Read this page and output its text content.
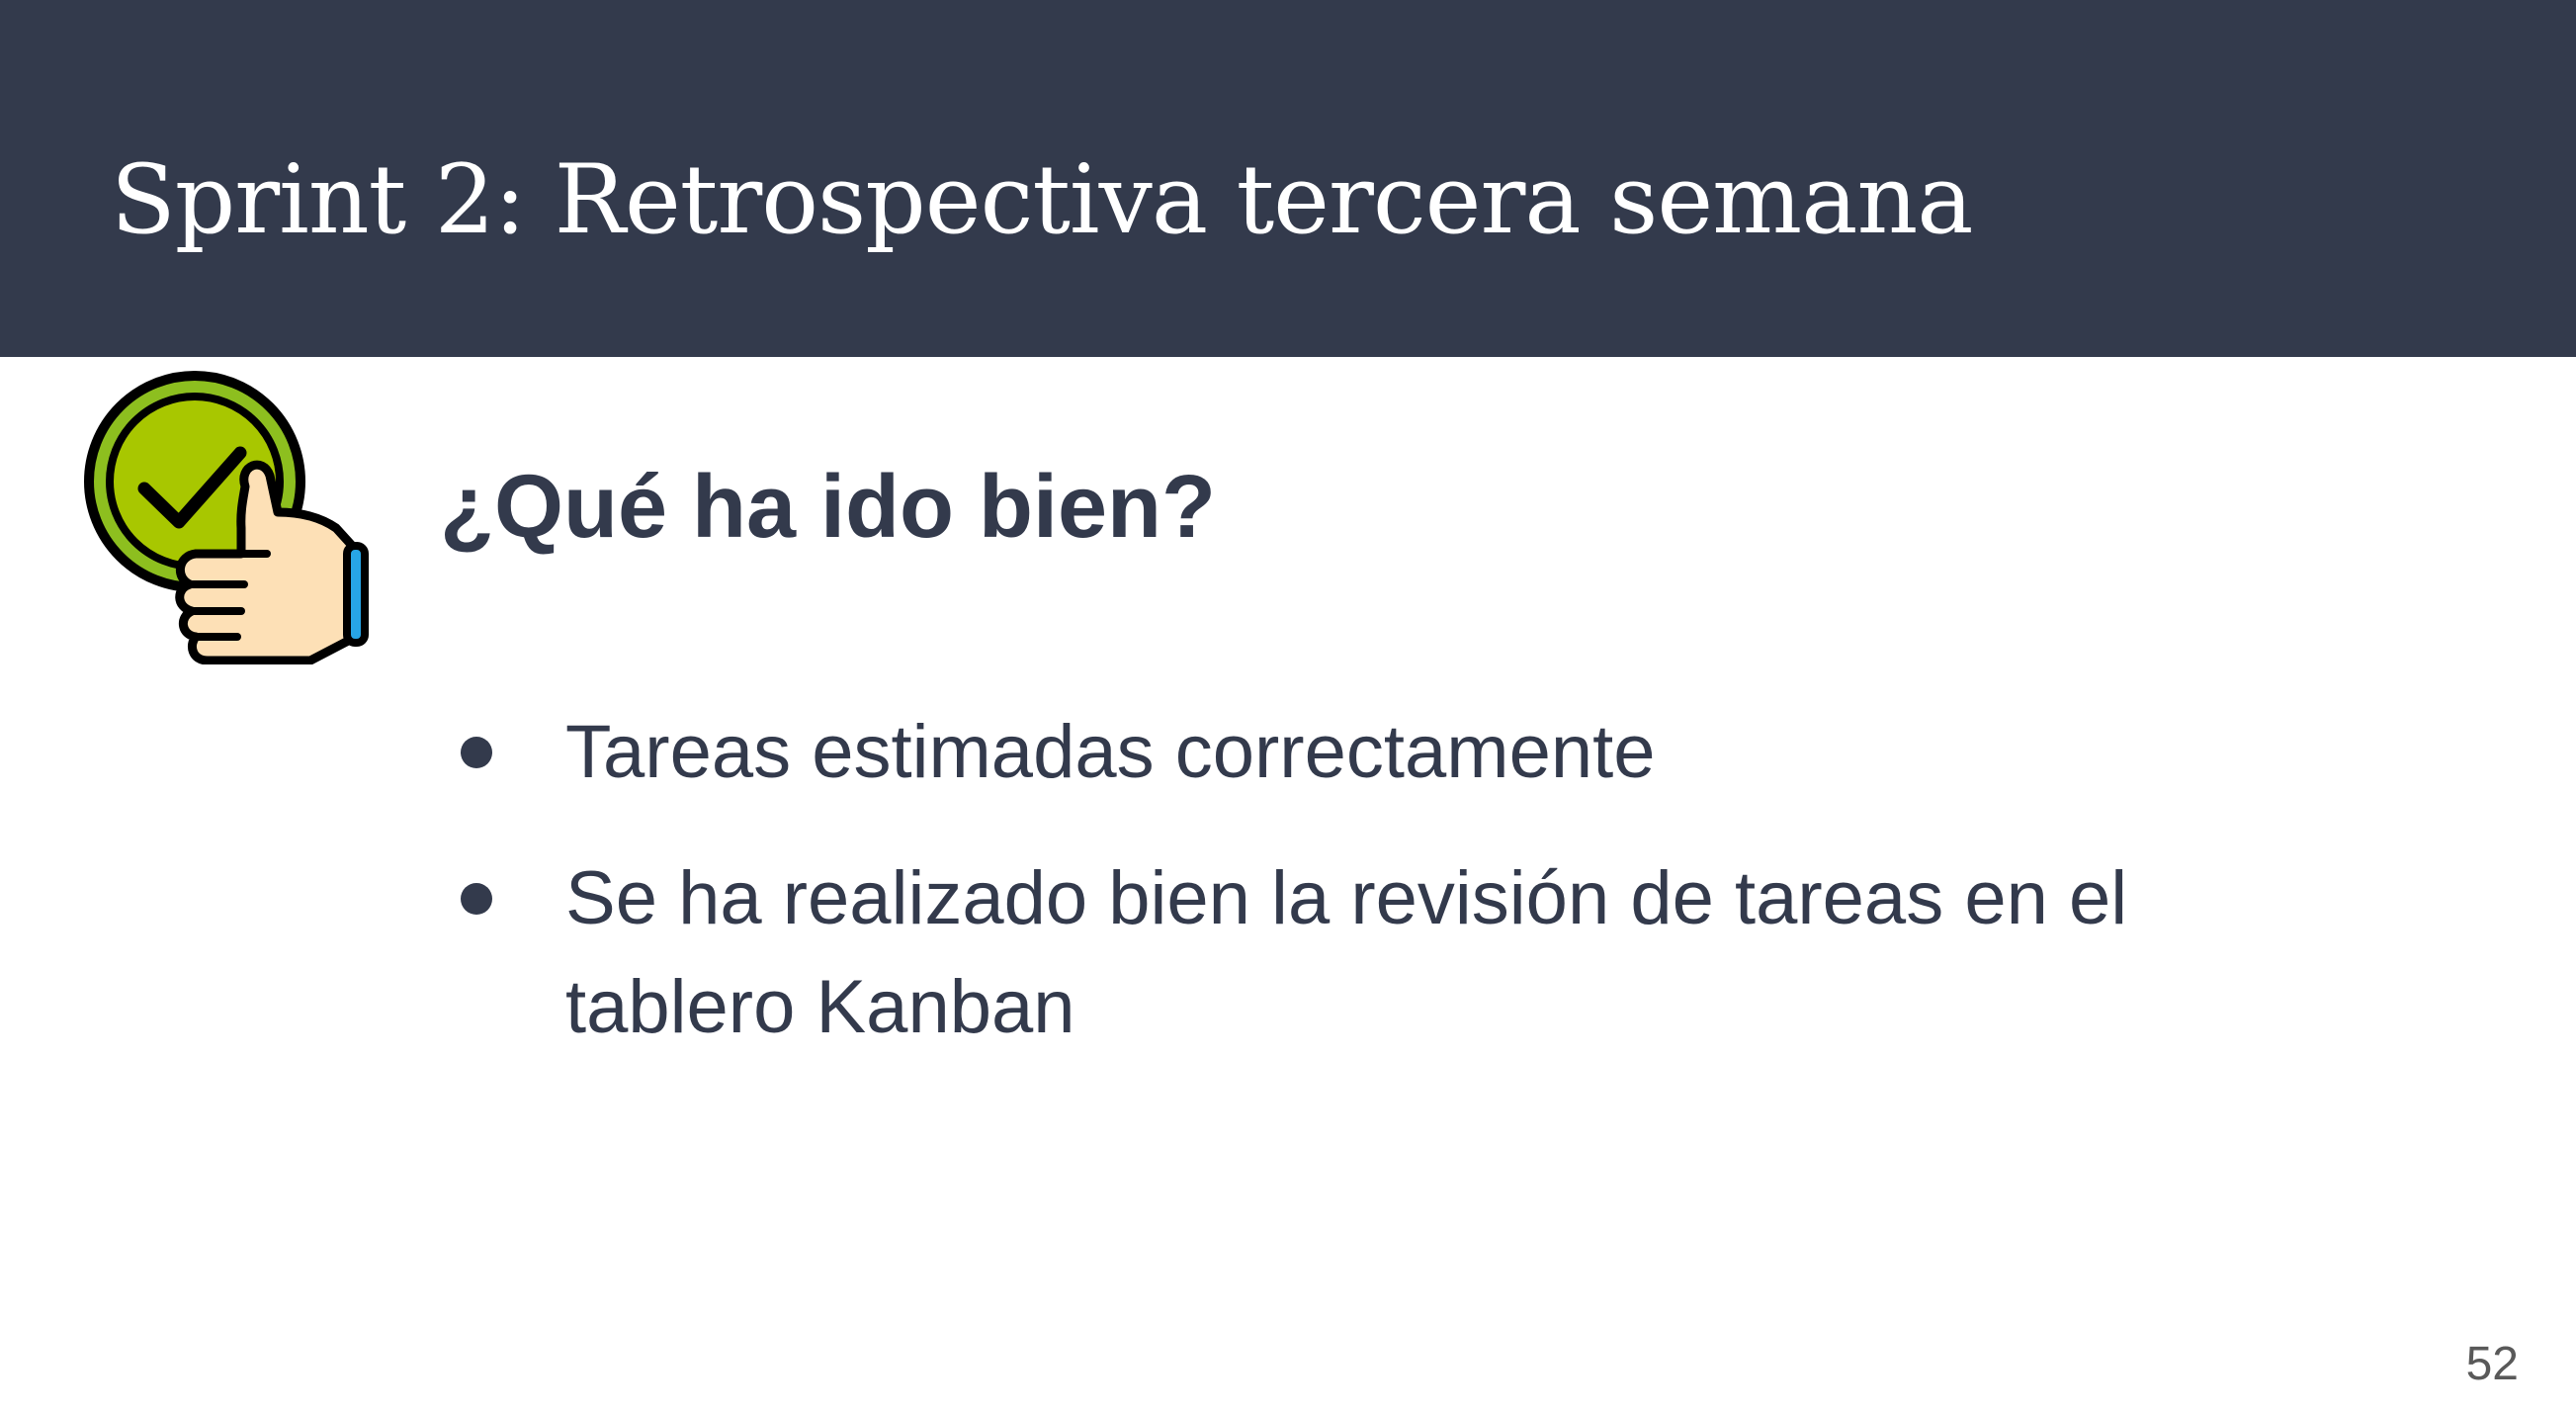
Sprint 2: Retrospectiva tercera semana
¿Qué ha ido bien?
Tareas estimadas correctamente
Se ha realizado bien la revisión de tareas en el tablero Kanban

52
